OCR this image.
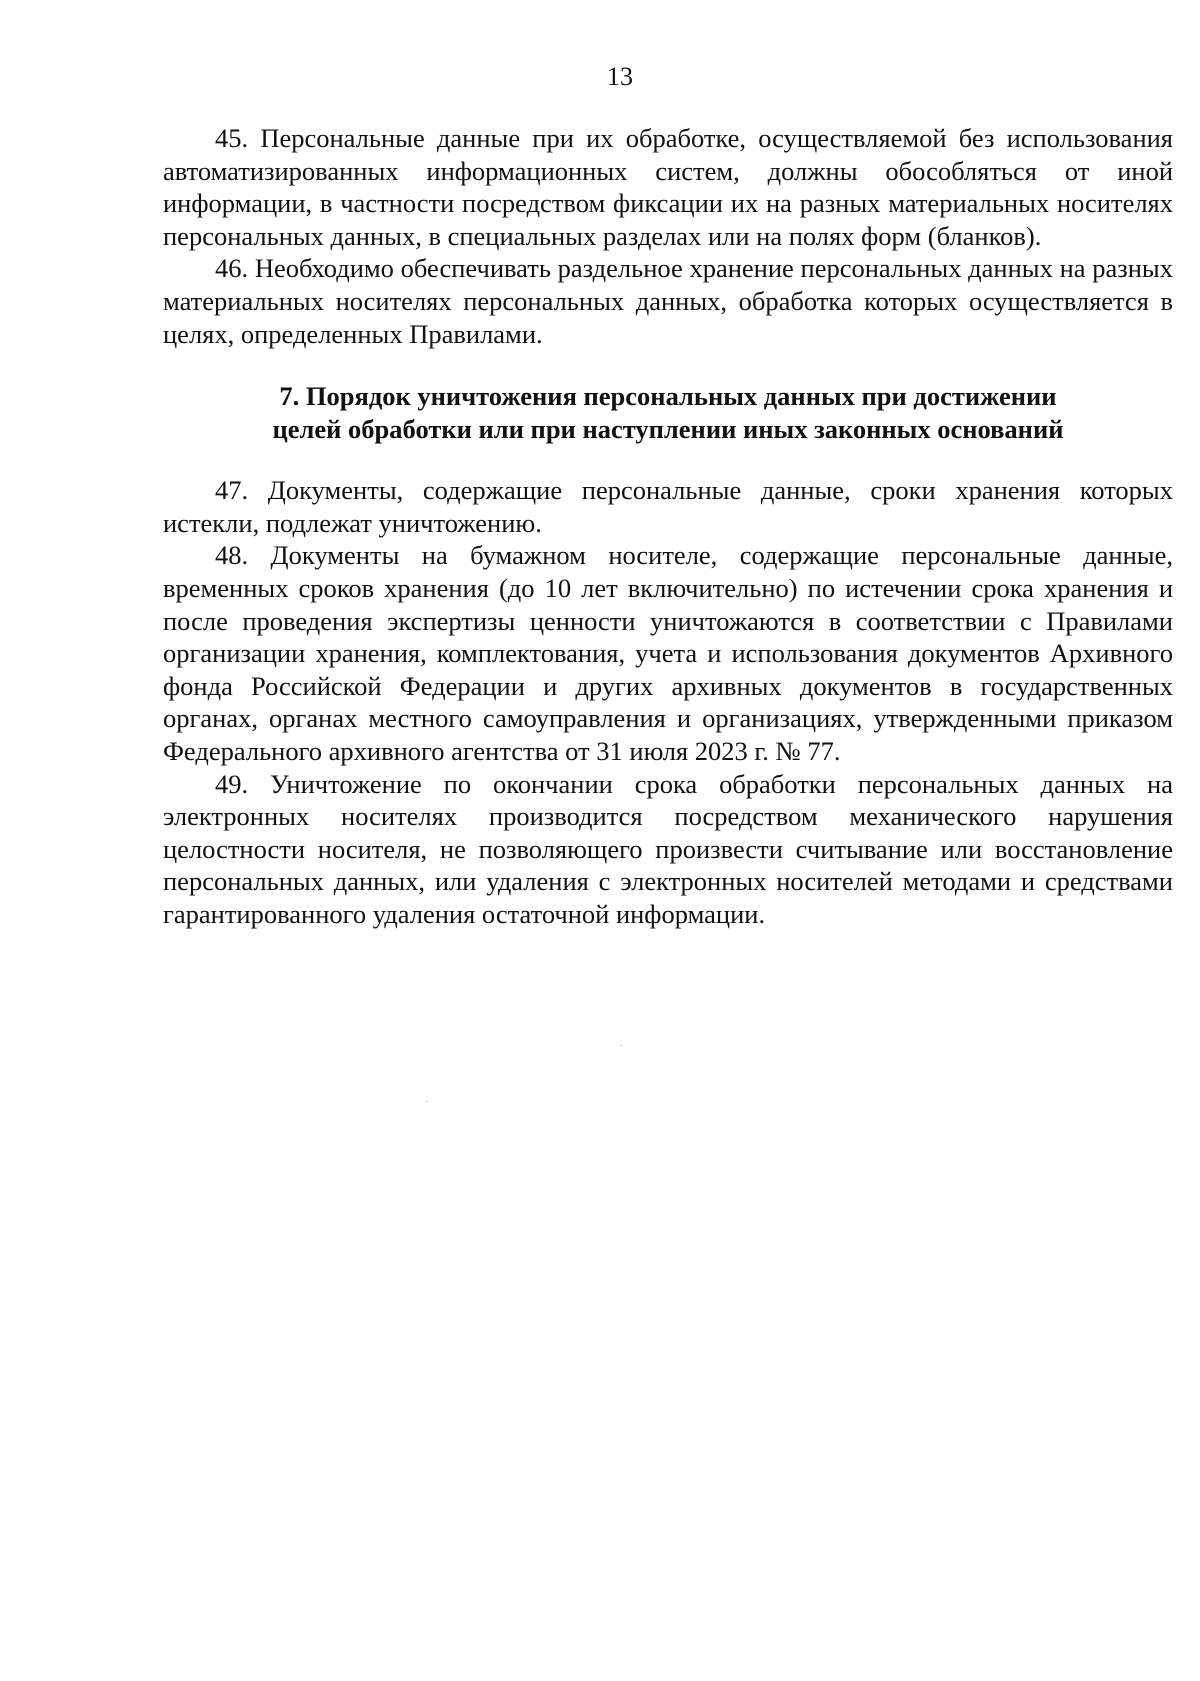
13

45. Персональные данные при их обработке, осуществляемой без использования автоматизированных информационных систем, должны обособляться от иной информации, в частности посредством фиксации их на разных материальных носителях персональных данных, в специальных разделах или на полях форм (бланков).

46. Необходимо обеспечивать раздельное хранение персональных данных на разных материальных носителях персональных данных, обработка которых осуществляется в целях, определенных Правилами.

7. Порядок уничтожения персональных данных при достижении
целей обработки или при наступлении иных законных оснований

47. Документы, содержащие персональные данные, сроки хранения которых истекли, подлежат уничтожению.

48. Документы на бумажном носителе, содержащие персональные данные, временных сроков хранения (до 10 лет включительно) по истечении срока хранения и после проведения экспертизы ценности уничтожаются в соответствии с Правилами организации хранения, комплектования, учета и использования документов Архивного фонда Российской Федерации и других архивных документов в государственных органах, органах местного самоуправления и организациях, утвержденными приказом Федерального архивного агентства от 31 июля 2023 г. № 77.

49. Уничтожение по окончании срока обработки персональных данных на электронных носителях производится посредством механического нарушения целостности носителя, не позволяющего произвести считывание или восстановление персональных данных, или удаления с электронных носителей методами и средствами гарантированного удаления остаточной информации.
